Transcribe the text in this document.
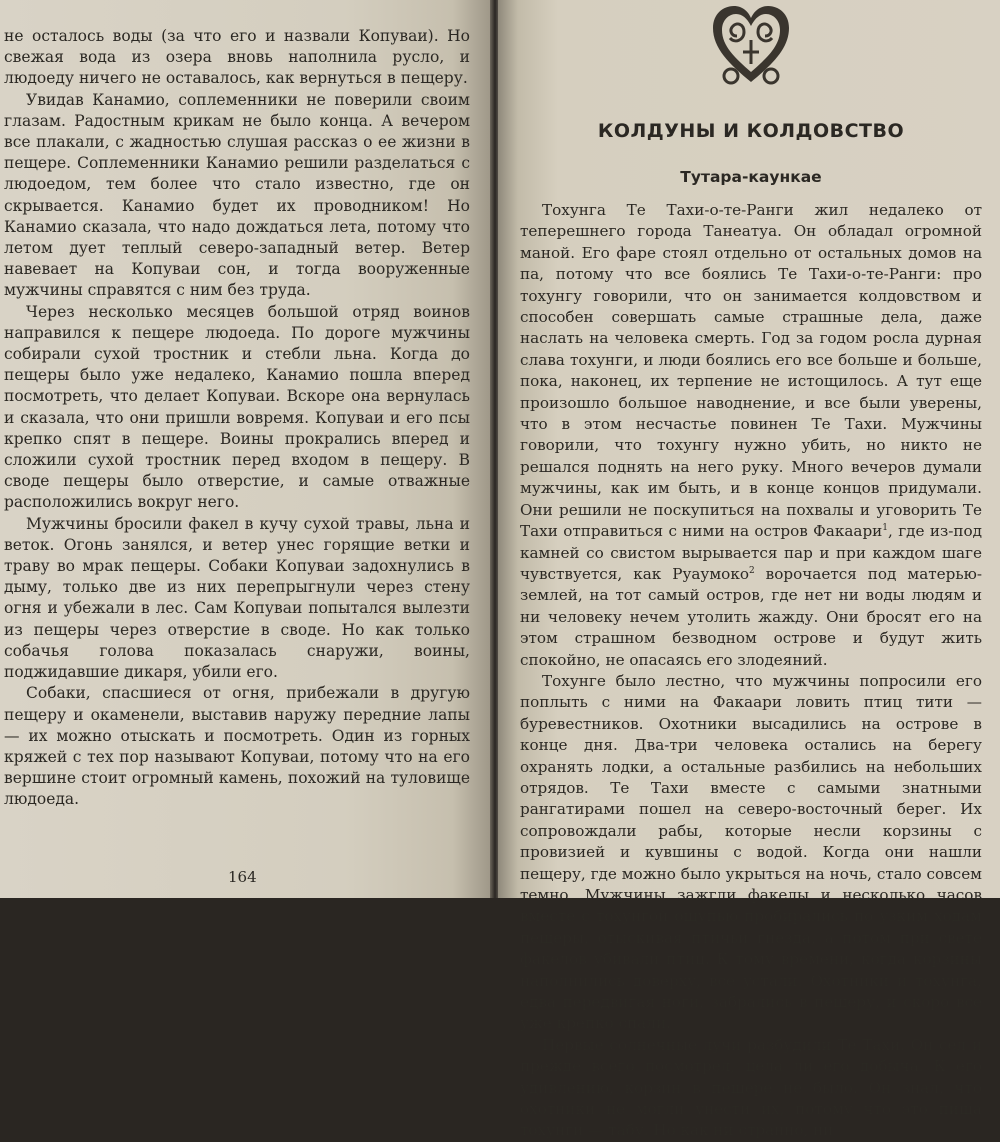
не осталось воды (за что его и назвали Копуваи). Но свежая вода из озера вновь наполнила русло, и людоеду ничего не оставалось, как вернуться в пещеру.

Увидав Канамио, соплеменники не поверили своим глазам. Радостным крикам не было конца. А вечером все плакали, с жадностью слушая рассказ о ее жизни в пещере. Соплеменники Канамио решили разделаться с людоедом, тем более что стало известно, где он скрывается. Канамио будет их проводником! Но Канамио сказала, что надо дождаться лета, потому что летом дует теплый северо-западный ветер. Ветер навевает на Копуваи сон, и тогда вооруженные мужчины справятся с ним без труда.

Через несколько месяцев большой отряд воинов направился к пещере людоеда. По дороге мужчины собирали сухой тростник и стебли льна. Когда до пещеры было уже недалеко, Канамио пошла вперед посмотреть, что делает Копуваи. Вскоре она вернулась и сказала, что они пришли вовремя. Копуваи и его псы крепко спят в пещере. Воины прокрались вперед и сложили сухой тростник перед входом в пещеру. В своде пещеры было отверстие, и самые отважные расположились вокруг него.

Мужчины бросили факел в кучу сухой травы, льна и веток. Огонь занялся, и ветер унес горящие ветки и траву во мрак пещеры. Собаки Копуваи задохнулись в дыму, только две из них перепрыгнули через стену огня и убежали в лес. Сам Копуваи попытался вылезти из пещеры через отверстие в своде. Но как только собачья голова показалась снаружи, воины, поджидавшие дикаря, убили его.

Собаки, спасшиеся от огня, прибежали в другую пещеру и окаменели, выставив наружу передние лапы — их можно отыскать и посмотреть. Один из горных кряжей с тех пор называют Копуваи, потому что на его вершине стоит огромный камень, похожий на туловище людоеда.

164
КОЛДУНЫ И КОЛДОВСТВО
Тутара-каункае

Тохунга Те Тахи-о-те-Ранги жил недалеко от теперешнего города Танеатуа. Он обладал огромной маной. Его фаре стоял отдельно от остальных домов на па, потому что все боялись Те Тахи-о-те-Ранги: про тохунгу говорили, что он занимается колдовством и способен совершать самые страшные дела, даже наслать на человека смерть. Год за годом росла дурная слава тохунги, и люди боялись его все больше и больше, пока, наконец, их терпение не истощилось. А тут еще произошло большое наводнение, и все были уверены, что в этом несчастье повинен Те Тахи. Мужчины говорили, что тохунгу нужно убить, но никто не решался поднять на него руку. Много вечеров думали мужчины, как им быть, и в конце концов придумали. Они решили не поскупиться на похвалы и уговорить Те Тахи отправиться с ними на остров Факаари$^1$, где из-под камней со свистом вырывается пар и при каждом шаге чувствуется, как Руаумоко$^2$ ворочается под матерью-землей, на тот самый остров, где нет ни воды людям и ни человеку нечем утолить жажду. Они бросят его на этом страшном безводном острове и будут жить спокойно, не опасаясь его злодеяний.

Тохунге было лестно, что мужчины попросили его поплыть с ними на Факаари ловить птиц тити — буревестников. Охотники высадились на острове в конце дня. Два-три человека остались на берегу охранять лодки, а остальные разбились на небольших отрядов. Те Тахи вместе с самыми знатными рангатирами пошел на северо-восточный берег. Их сопровождали рабы, которые несли корзины с провизией и кувшины с водой. Когда они нашли пещеру, где можно было укрыться на ночь, стало совсем темно. Мужчины зажгли факелы и несколько часов вместе с тохунгой ощупью пробирались по узким ходам пещеры, отыскивая птичьи гнезда, а потом при свете факелов убивали птиц. К тому времени, когда корзины наполнились доверху, все устали. Охотники и тохунга, едва передвигая ноги, забрались в пещеру, и скоро все уже крепко спали.

Первые солнечные лучи разбудили Те Тахи. Он сел и прежде всего посмотрел, цела ли его добыча. К его удивлению, корзин в пещере не было. Он знал, что охотники не могли унести их, потому что это пища тохунги — табу. Но как ни странно, ни
